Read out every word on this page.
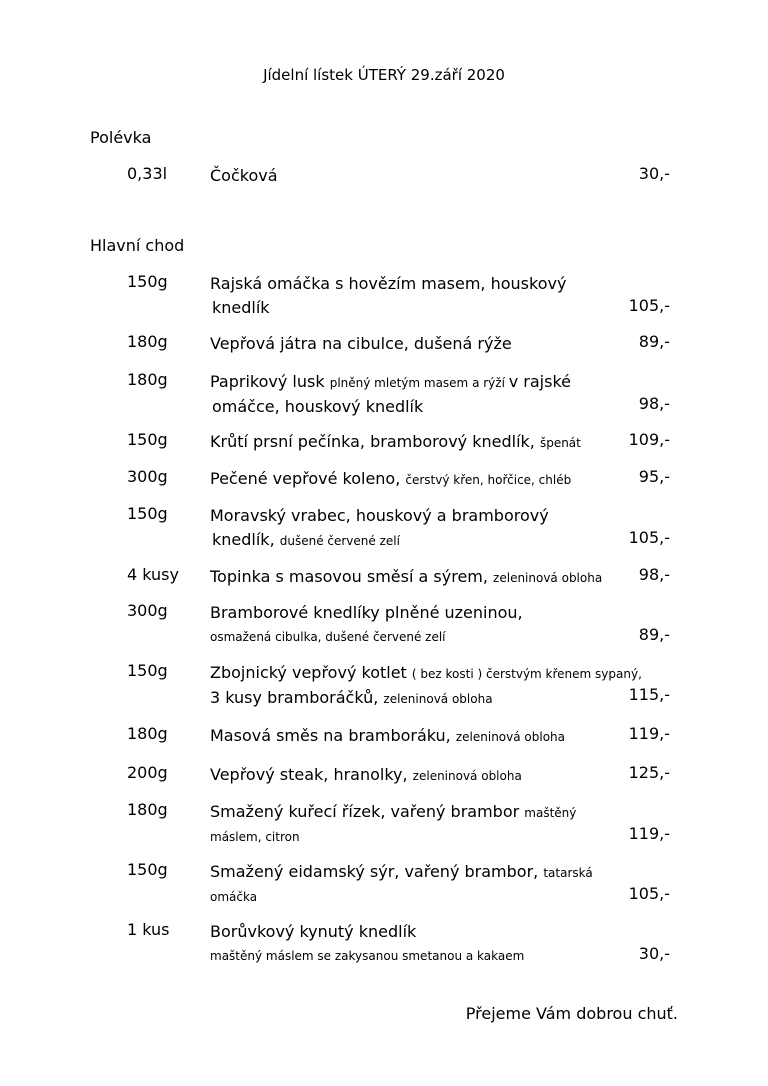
Jídelní lístek ÚTERÝ 29.září 2020
Polévka
0,33l	Čočková	30,-
Hlavní chod
150g	Rajská omáčka s hovězím masem, houskový
knedlík	105,-
180g	Vepřová játra na cibulce, dušená rýže	89,-
180g	Paprikový lusk plněný mletým masem a rýží v rajské
omáčce, houskový knedlík	98,-
150g	Krůtí prsní pečínka, bramborový knedlík, špenát	109,-
300g	Pečené vepřové koleno, čerstvý křen, hořčice, chléb	95,-
150g	Moravský vrabec, houskový a bramborový
knedlík, dušené červené zelí	105,-
4 kusy Topinka s masovou směsí a sýrem, zeleninová obloha	98,-
300g	Bramborové knedlíky plněné uzeninou,
osmažená cibulka, dušené červené zelí	89,-
150g	Zbojnický vepřový kotlet ( bez kosti ) čerstvým křenem sypaný,
3 kusy bramboráčků, zeleninová obloha	115,-
180g	Masová směs na bramboráku, zeleninová obloha	119,-
200g	Vepřový steak, hranolky, zeleninová obloha	125,-
180g	Smažený kuřecí řízek, vařený brambor maštěný
máslem, citron	119,-
150g	Smažený eidamský sýr, vařený brambor, tatarská
omáčka	105,-
1 kus	Borůvkový kynutý knedlík
maštěný máslem se zakysanou smetanou a kakaem	30,-
Přejeme Vám dobrou chuť.
